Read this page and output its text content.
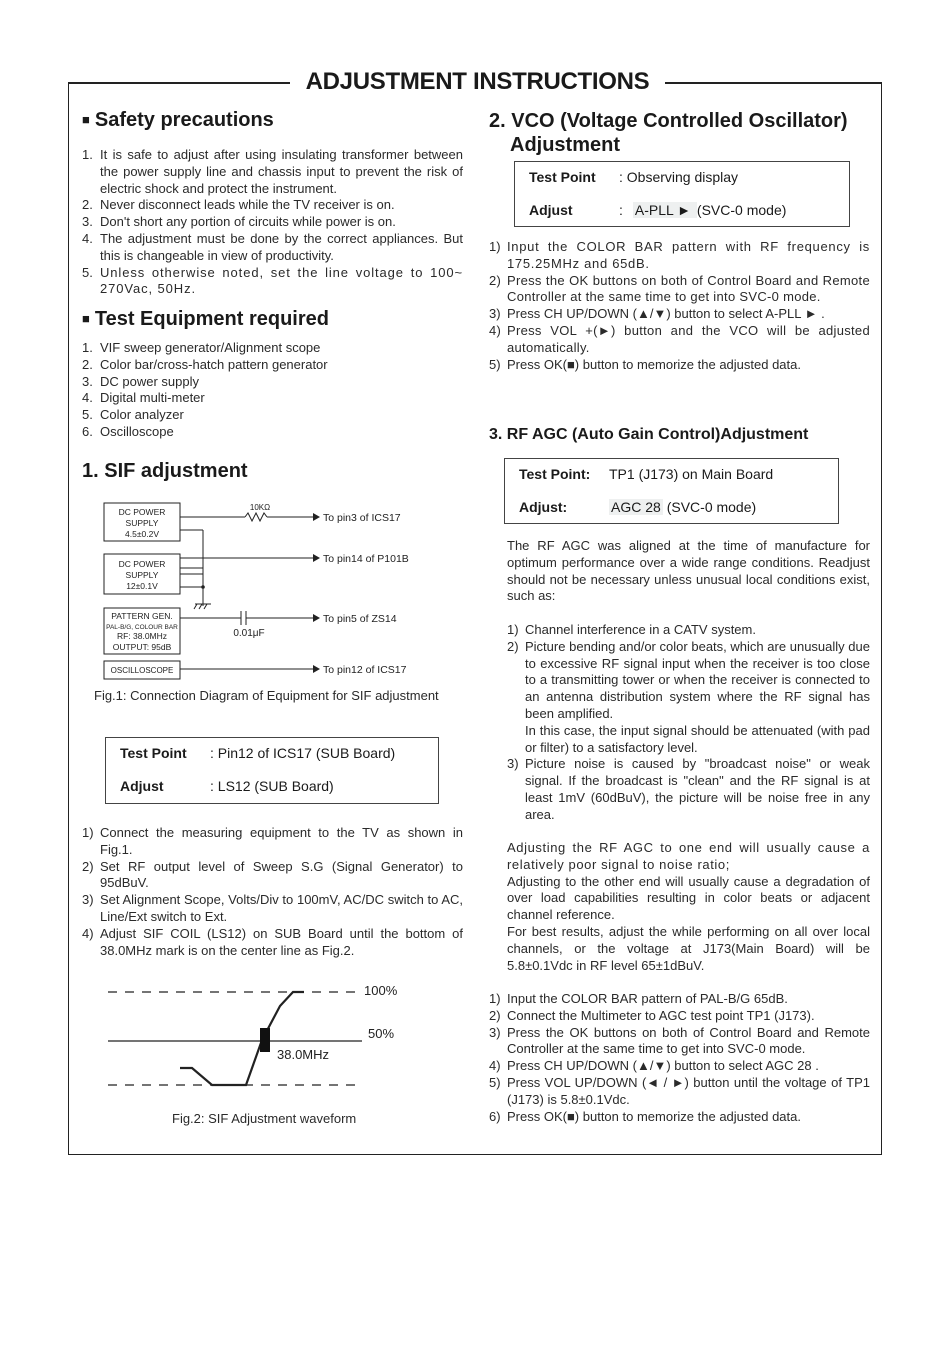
ADJUSTMENT INSTRUCTIONS
■ Safety precautions
1. It is safe to adjust after using insulating transformer between the power supply line and chassis input to prevent the risk of electric shock and protect the instrument.
2. Never disconnect leads while the TV receiver is on.
3. Don't short any portion of circuits while power is on.
4. The adjustment must be done by the correct appliances. But this is changeable in view of productivity.
5. Unless otherwise noted, set the line voltage to 100~ 270Vac, 50Hz.
■ Test Equipment required
1. VIF sweep generator/Alignment scope
2. Color bar/cross-hatch pattern generator
3. DC power supply
4. Digital multi-meter
5. Color analyzer
6. Oscilloscope
1. SIF adjustment
DC POWER
SUPPLY
4.5±0.2V
DC POWER
SUPPLY
12±0.1V
PATTERN GEN.
PAL-B/G, COLOUR BAR
RF: 38.0MHz
OUTPUT: 95dB
OSCILLOSCOPE
10KΩ
0.01μF
To pin3 of ICS17
To pin14 of P101B
To pin5 of ZS14
To pin12 of ICS17
Fig.1: Connection Diagram of Equipment for SIF adjustment
Test Point : Pin12 of ICS17 (SUB Board)
Adjust	: LS12 (SUB Board)
1) Connect the measuring equipment to the TV as shown in Fig.1.
2) Set RF output level of Sweep S.G (Signal Generator) to 95dBuV.
3) Set Alignment Scope, Volts/Div to 100mV, AC/DC switch to AC, Line/Ext switch to Ext.
4) Adjust SIF COIL (LS12) on SUB Board until the bottom of 38.0MHz mark is on the center line as Fig.2.
100%
50%
38.0MHz
Fig.2: SIF Adjustment waveform
2. VCO (Voltage Controlled Oscillator)
Adjustment
Test Point : Observing display
Adjust	: A-PLL ► (SVC-0 mode)
1) Input the COLOR BAR pattern with RF frequency is 175.25MHz and 65dB.
2) Press the OK buttons on both of Control Board and Remote Controller at the same time to get into SVC-0 mode.
3) Press CH UP/DOWN (▲/▼) button to select A-PLL ► .
4) Press VOL +(►) button and the VCO will be adjusted automatically.
5) Press OK(■) button to memorize the adjusted data.
3. RF AGC (Auto Gain Control)Adjustment
Test Point: TP1 (J173) on Main Board
Adjust:	AGC 28 (SVC-0 mode)
The RF AGC was aligned at the time of manufacture for optimum performance over a wide range conditions. Readjust should not be necessary unless unusual local conditions exist, such as:
1) Channel interference in a CATV system.
2) Picture bending and/or color beats, which are unusually due to excessive RF signal input when the receiver is too close to a transmitting tower or when the receiver is connected to an antenna distribution system where the RF signal has been amplified.
In this case, the input signal should be attenuated (with pad or filter) to a satisfactory level.
3) Picture noise is caused by "broadcast noise" or weak signal. If the broadcast is "clean" and the RF signal is at least 1mV (60dBuV), the picture will be noise free in any area.
Adjusting the RF AGC to one end will usually cause a relatively poor signal to noise ratio;
Adjusting to the other end will usually cause a degradation of over load capabilities resulting in color beats or adjacent channel reference.
For best results, adjust the while performing on all over local channels, or the voltage at J173(Main Board) will be 5.8±0.1Vdc in RF level 65±1dBuV.
1) Input the COLOR BAR pattern of PAL-B/G 65dB.
2) Connect the Multimeter to AGC test point TP1 (J173).
3) Press the OK buttons on both of Control Board and Remote Controller at the same time to get into SVC-0 mode.
4) Press CH UP/DOWN (▲/▼) button to select AGC 28 .
5) Press VOL UP/DOWN (◄ / ►) button until the voltage of TP1 (J173) is 5.8±0.1Vdc.
6) Press OK(■) button to memorize the adjusted data.
